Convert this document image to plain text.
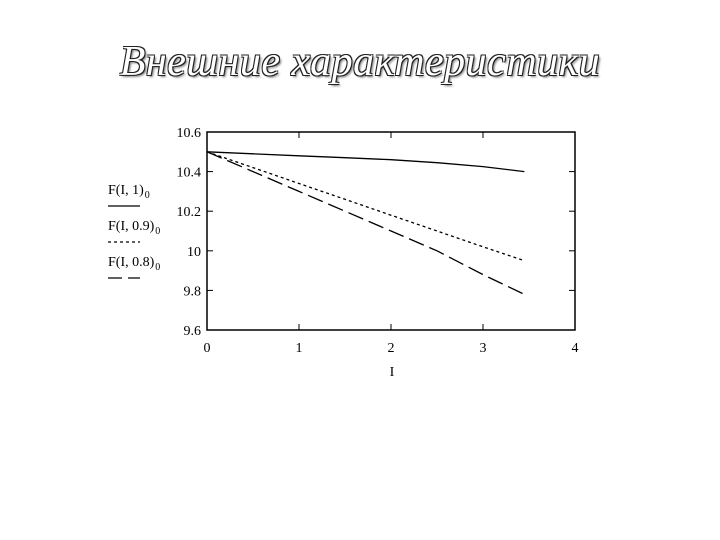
Внешние характеристики
10.6
10.4
10.2
10
9.8
9.6
0	1	2	3	4
I
F(I, 1) 0
F(I, 0.9) 0
F(I, 0.8) 0
